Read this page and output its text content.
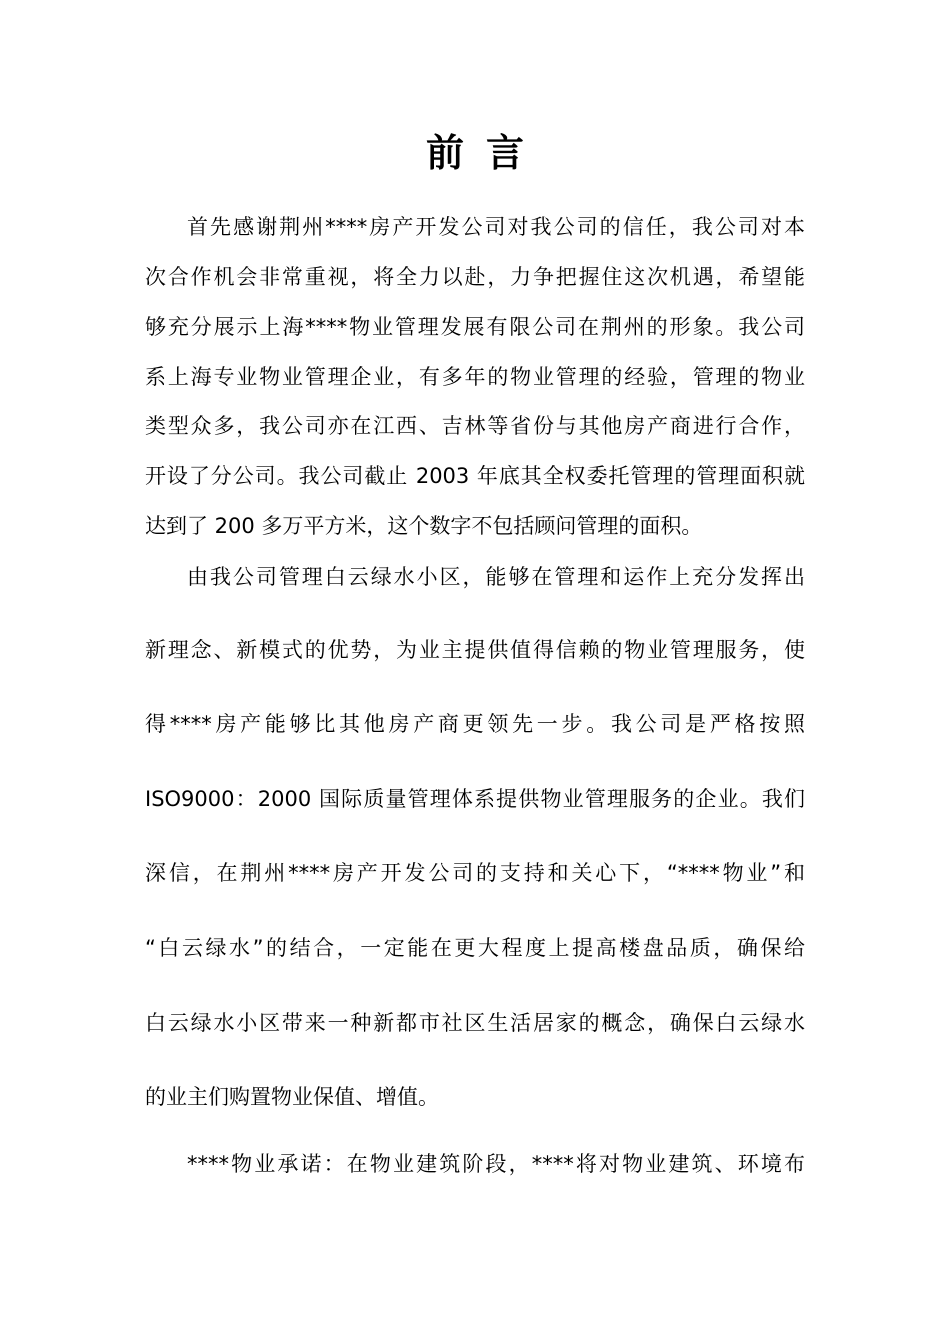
前言
首先感谢荆州****房产开发公司对我公司的信任，我公司对本
次合作机会非常重视，将全力以赴，力争把握住这次机遇，希望能
够充分展示上海****物业管理发展有限公司在荆州的形象。我公司
系上海专业物业管理企业，有多年的物业管理的经验，管理的物业
类型众多，我公司亦在江西、吉林等省份与其他房产商进行合作，
开设了分公司。我公司截止 2003 年底其全权委托管理的管理面积就
达到了 200 多万平方米，这个数字不包括顾问管理的面积。
由我公司管理白云绿水小区，能够在管理和运作上充分发挥出
新理念、新模式的优势，为业主提供值得信赖的物业管理服务，使
得****房产能够比其他房产商更领先一步。我公司是严格按照
ISO9000：2000 国际质量管理体系提供物业管理服务的企业。我们
深信，在荆州****房产开发公司的支持和关心下，“****物业”和
“白云绿水”的结合，一定能在更大程度上提高楼盘品质，确保给
白云绿水小区带来一种新都市社区生活居家的概念，确保白云绿水
的业主们购置物业保值、增值。
****物业承诺：在物业建筑阶段，****将对物业建筑、环境布
